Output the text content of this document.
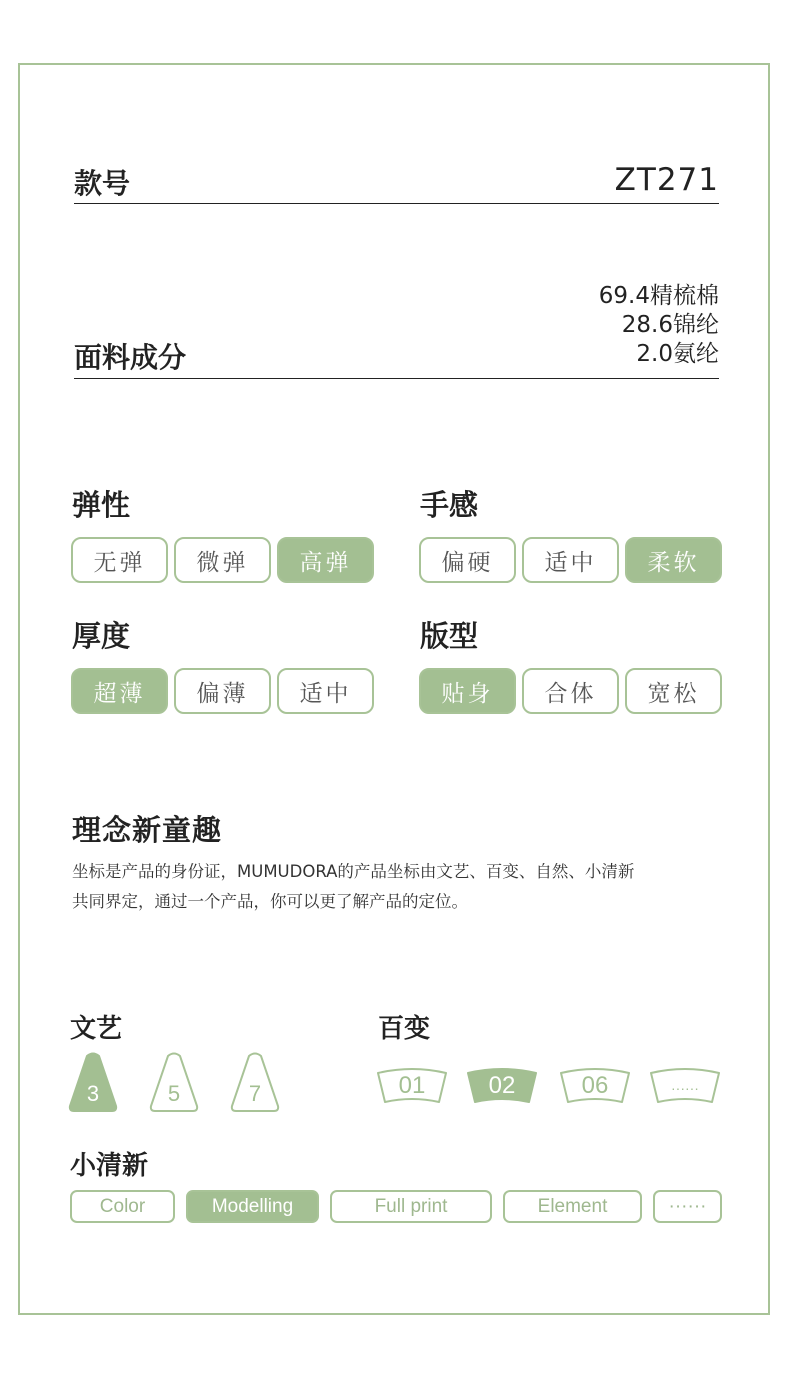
款号	ZT271
面料成分
69.4精梳棉
28.6锦纶
2.0氨纶
弹性
无弹	微弹	高弹
手感
偏硬	适中	柔软
厚度
超薄	偏薄	适中
版型
贴身	合体	宽松
理念新童趣
坐标是产品的身份证，MUMUDORA的产品坐标由文艺、百变、自然、小清新
共同界定，通过一个产品，你可以更了解产品的定位。
文艺
3	5	7
百变
01	02	06	······
小清新
Color	Modelling	Full print	Element	······
